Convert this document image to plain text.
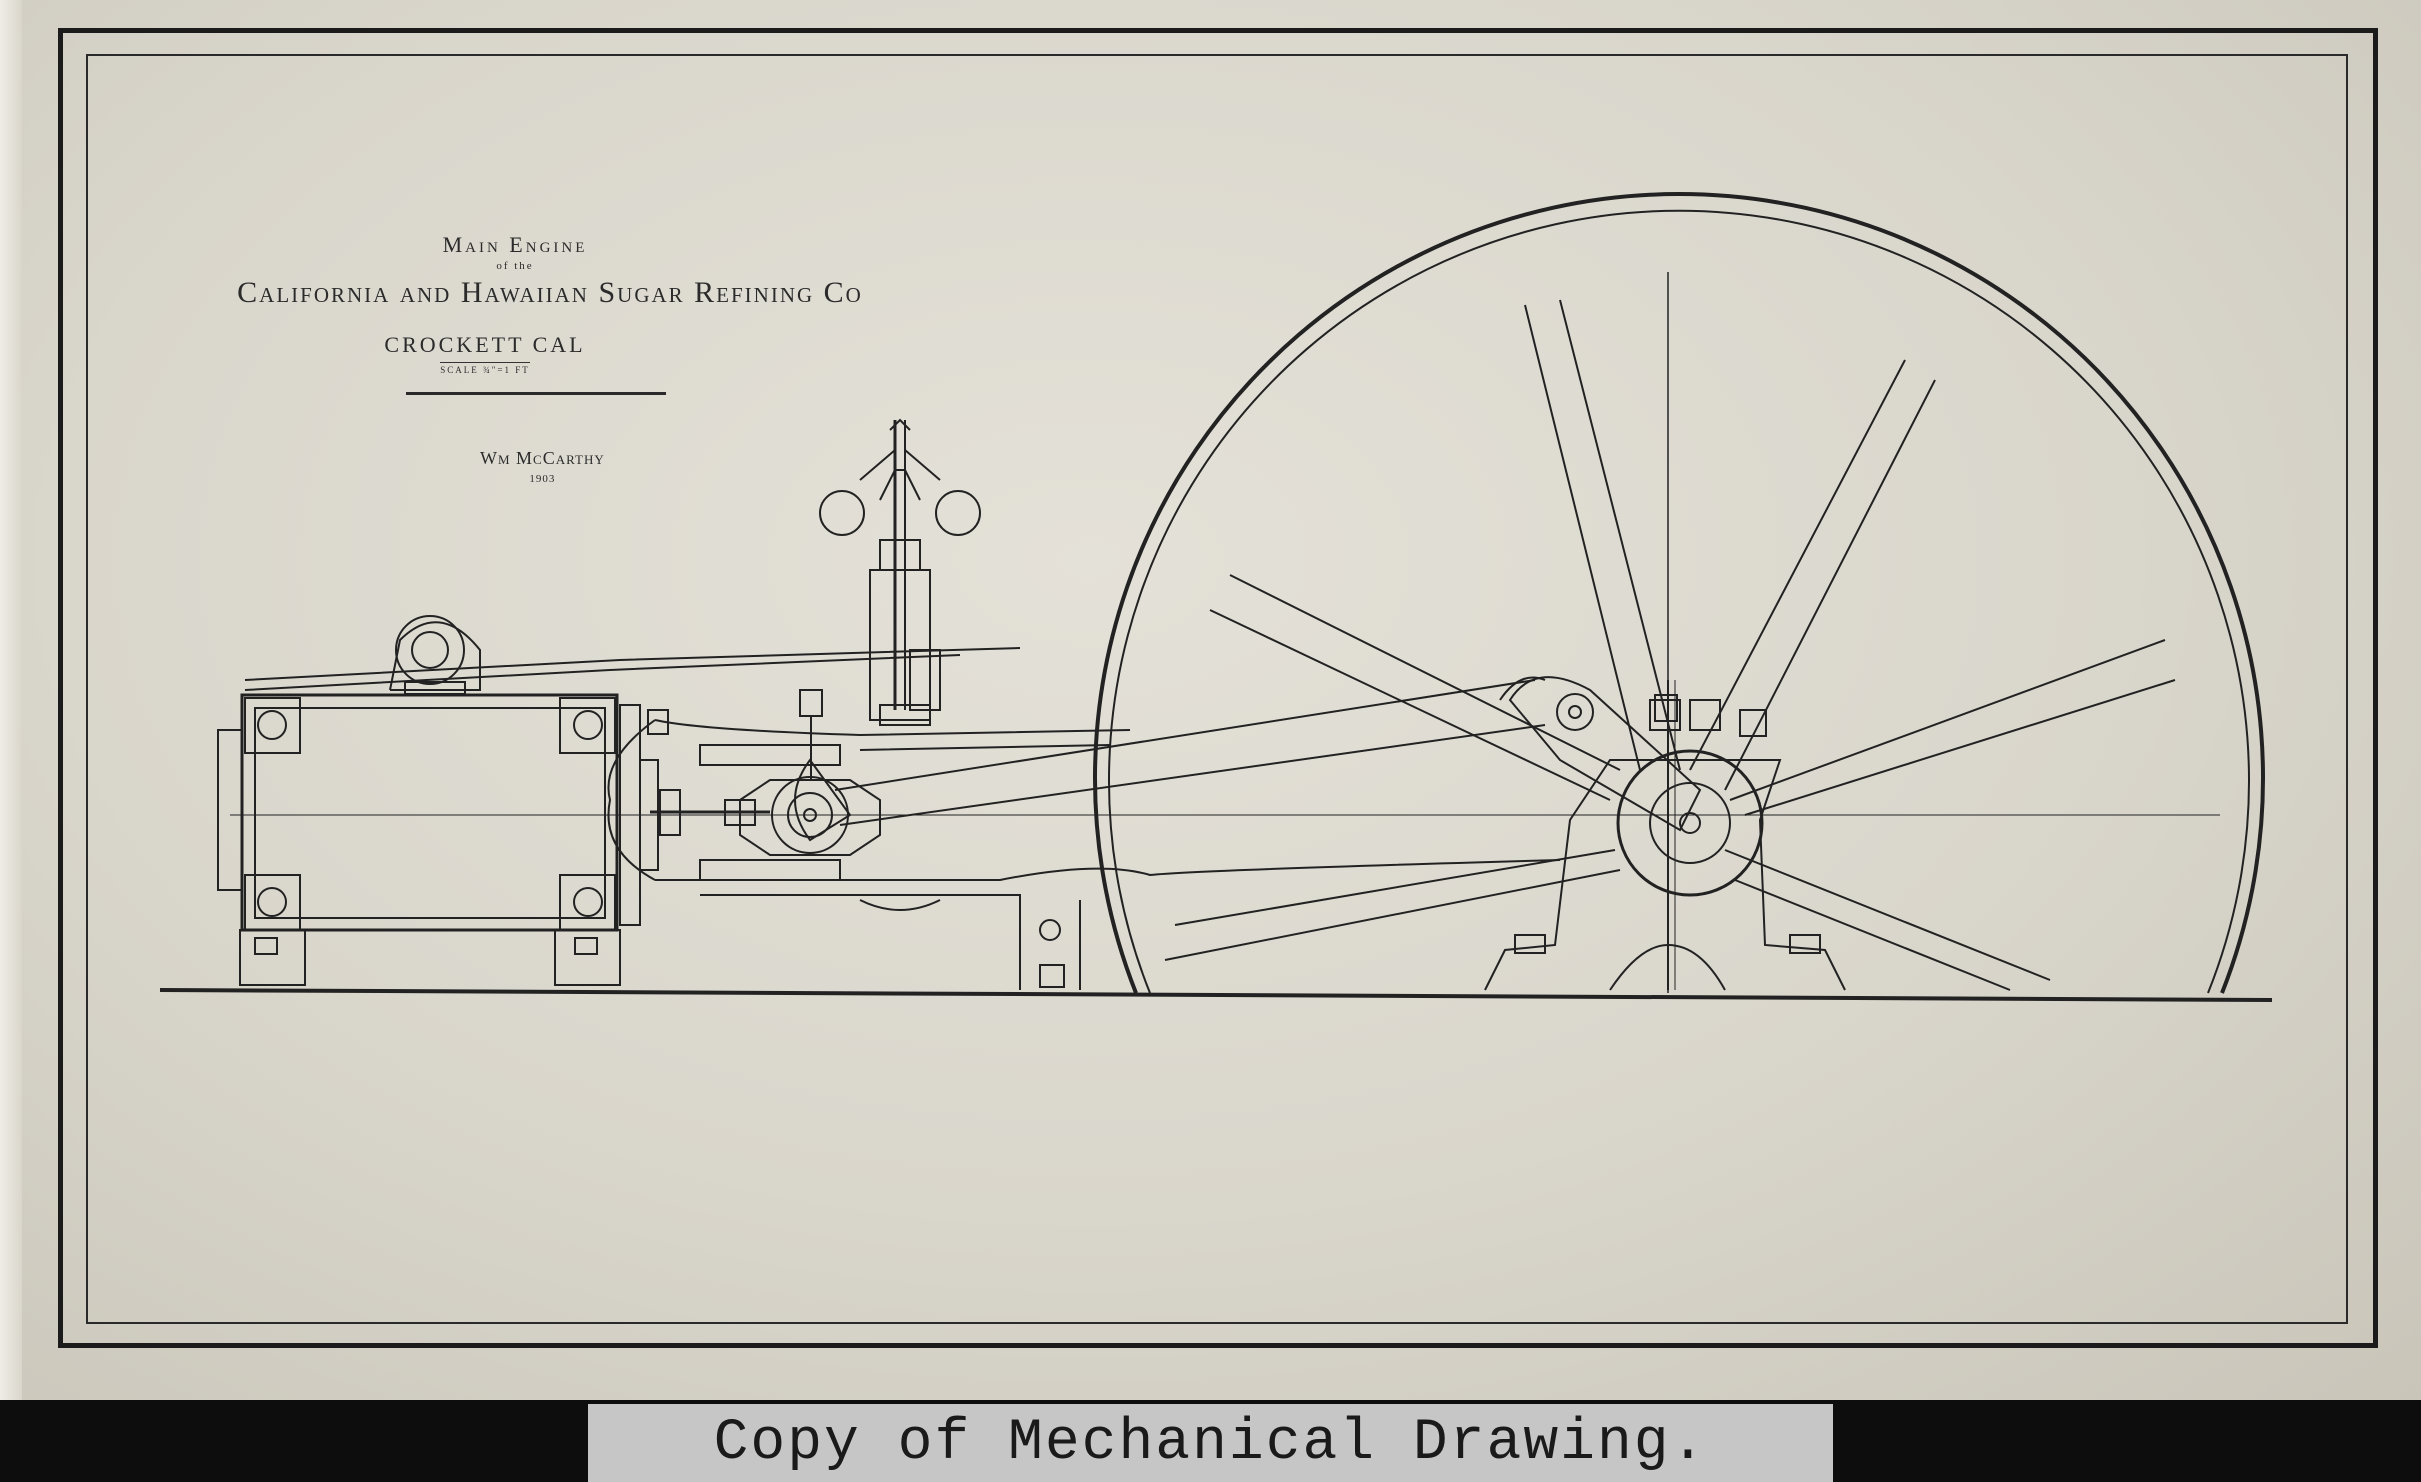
Main Engine
of the
California and Hawaiian Sugar Refining Co
CROCKETT CAL
SCALE ¾"=1 FT
Wm McCarthy
1903
Copy of Mechanical Drawing.
